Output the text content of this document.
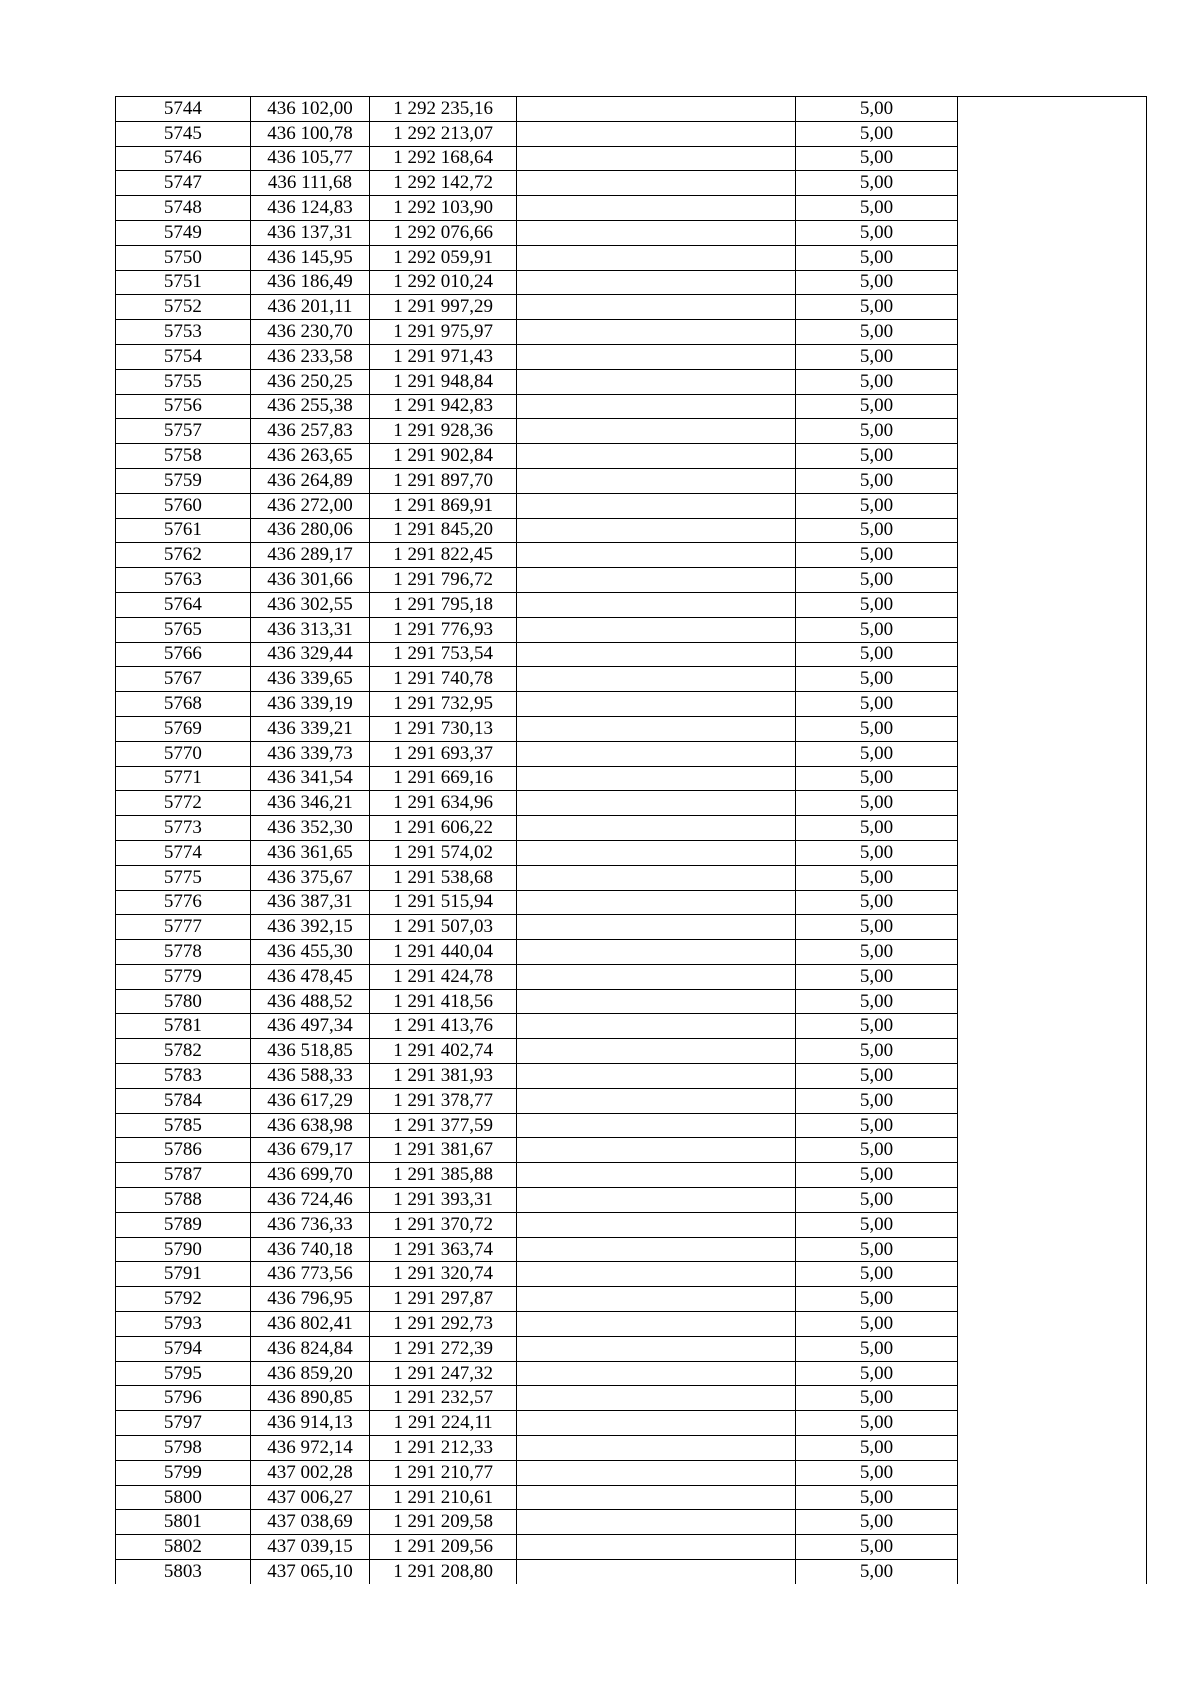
5744	436 102,00	1 292 235,16		5,00	
5745	436 100,78	1 292 213,07		5,00	
5746	436 105,77	1 292 168,64		5,00	
5747	436 111,68	1 292 142,72		5,00	
5748	436 124,83	1 292 103,90		5,00	
5749	436 137,31	1 292 076,66		5,00	
5750	436 145,95	1 292 059,91		5,00	
5751	436 186,49	1 292 010,24		5,00	
5752	436 201,11	1 291 997,29		5,00	
5753	436 230,70	1 291 975,97		5,00	
5754	436 233,58	1 291 971,43		5,00	
5755	436 250,25	1 291 948,84		5,00	
5756	436 255,38	1 291 942,83		5,00	
5757	436 257,83	1 291 928,36		5,00	
5758	436 263,65	1 291 902,84		5,00	
5759	436 264,89	1 291 897,70		5,00	
5760	436 272,00	1 291 869,91		5,00	
5761	436 280,06	1 291 845,20		5,00	
5762	436 289,17	1 291 822,45		5,00	
5763	436 301,66	1 291 796,72		5,00	
5764	436 302,55	1 291 795,18		5,00	
5765	436 313,31	1 291 776,93		5,00	
5766	436 329,44	1 291 753,54		5,00	
5767	436 339,65	1 291 740,78		5,00	
5768	436 339,19	1 291 732,95		5,00	
5769	436 339,21	1 291 730,13		5,00	
5770	436 339,73	1 291 693,37		5,00	
5771	436 341,54	1 291 669,16		5,00	
5772	436 346,21	1 291 634,96		5,00	
5773	436 352,30	1 291 606,22		5,00	
5774	436 361,65	1 291 574,02		5,00	
5775	436 375,67	1 291 538,68		5,00	
5776	436 387,31	1 291 515,94		5,00	
5777	436 392,15	1 291 507,03		5,00	
5778	436 455,30	1 291 440,04		5,00	
5779	436 478,45	1 291 424,78		5,00	
5780	436 488,52	1 291 418,56		5,00	
5781	436 497,34	1 291 413,76		5,00	
5782	436 518,85	1 291 402,74		5,00	
5783	436 588,33	1 291 381,93		5,00	
5784	436 617,29	1 291 378,77		5,00	
5785	436 638,98	1 291 377,59		5,00	
5786	436 679,17	1 291 381,67		5,00	
5787	436 699,70	1 291 385,88		5,00	
5788	436 724,46	1 291 393,31		5,00	
5789	436 736,33	1 291 370,72		5,00	
5790	436 740,18	1 291 363,74		5,00	
5791	436 773,56	1 291 320,74		5,00	
5792	436 796,95	1 291 297,87		5,00	
5793	436 802,41	1 291 292,73		5,00	
5794	436 824,84	1 291 272,39		5,00	
5795	436 859,20	1 291 247,32		5,00	
5796	436 890,85	1 291 232,57		5,00	
5797	436 914,13	1 291 224,11		5,00	
5798	436 972,14	1 291 212,33		5,00	
5799	437 002,28	1 291 210,77		5,00	
5800	437 006,27	1 291 210,61		5,00	
5801	437 038,69	1 291 209,58		5,00	
5802	437 039,15	1 291 209,56		5,00	
5803	437 065,10	1 291 208,80		5,00	
